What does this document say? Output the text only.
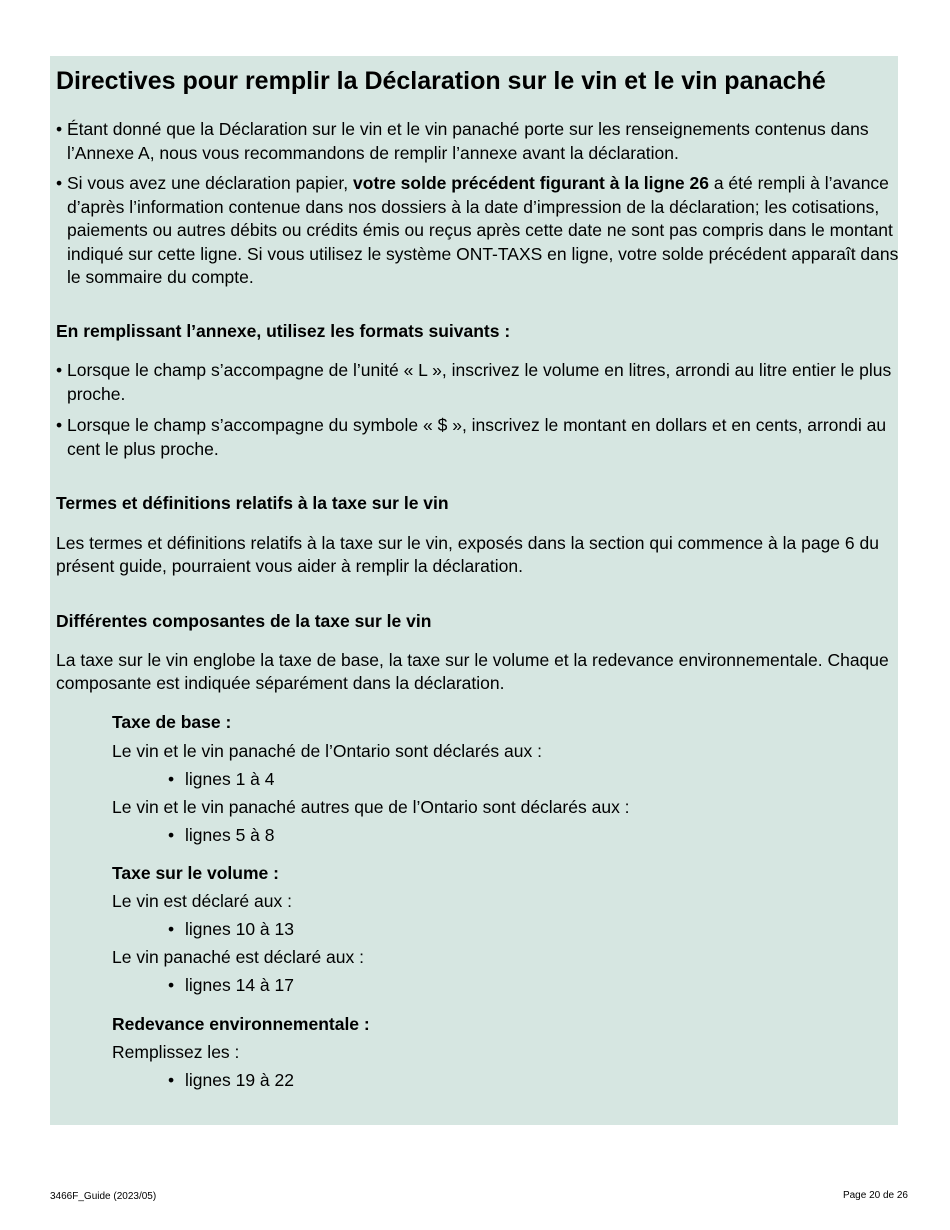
Directives pour remplir la Déclaration sur le vin et le vin panaché

• Étant donné que la Déclaration sur le vin et le vin panaché porte sur les renseignements contenus dans l’Annexe A, nous vous recommandons de remplir l’annexe avant la déclaration.

• Si vous avez une déclaration papier, votre solde précédent figurant à la ligne 26 a été rempli à l’avance d’après l’information contenue dans nos dossiers à la date d’impression de la déclaration; les cotisations, paiements ou autres débits ou crédits émis ou reçus après cette date ne sont pas compris dans le montant indiqué sur cette ligne. Si vous utilisez le système ONT-TAXS en ligne, votre solde précédent apparaît dans le sommaire du compte.

En remplissant l’annexe, utilisez les formats suivants :

• Lorsque le champ s’accompagne de l’unité « L », inscrivez le volume en litres, arrondi au litre entier le plus proche.

• Lorsque le champ s’accompagne du symbole « $ », inscrivez le montant en dollars et en cents, arrondi au cent le plus proche.

Termes et définitions relatifs à la taxe sur le vin

Les termes et définitions relatifs à la taxe sur le vin, exposés dans la section qui commence à la page 6 du présent guide, pourraient vous aider à remplir la déclaration.

Différentes composantes de la taxe sur le vin

La taxe sur le vin englobe la taxe de base, la taxe sur le volume et la redevance environnementale. Chaque composante est indiquée séparément dans la déclaration.

Taxe de base :
Le vin et le vin panaché de l’Ontario sont déclarés aux :
• lignes 1 à 4
Le vin et le vin panaché autres que de l’Ontario sont déclarés aux :
• lignes 5 à 8
Taxe sur le volume :
Le vin est déclaré aux :
• lignes 10 à 13
Le vin panaché est déclaré aux :
• lignes 14 à 17
Redevance environnementale :
Remplissez les :
• lignes 19 à 22
3466F_Guide (2023/05)	Page 20 de 26
